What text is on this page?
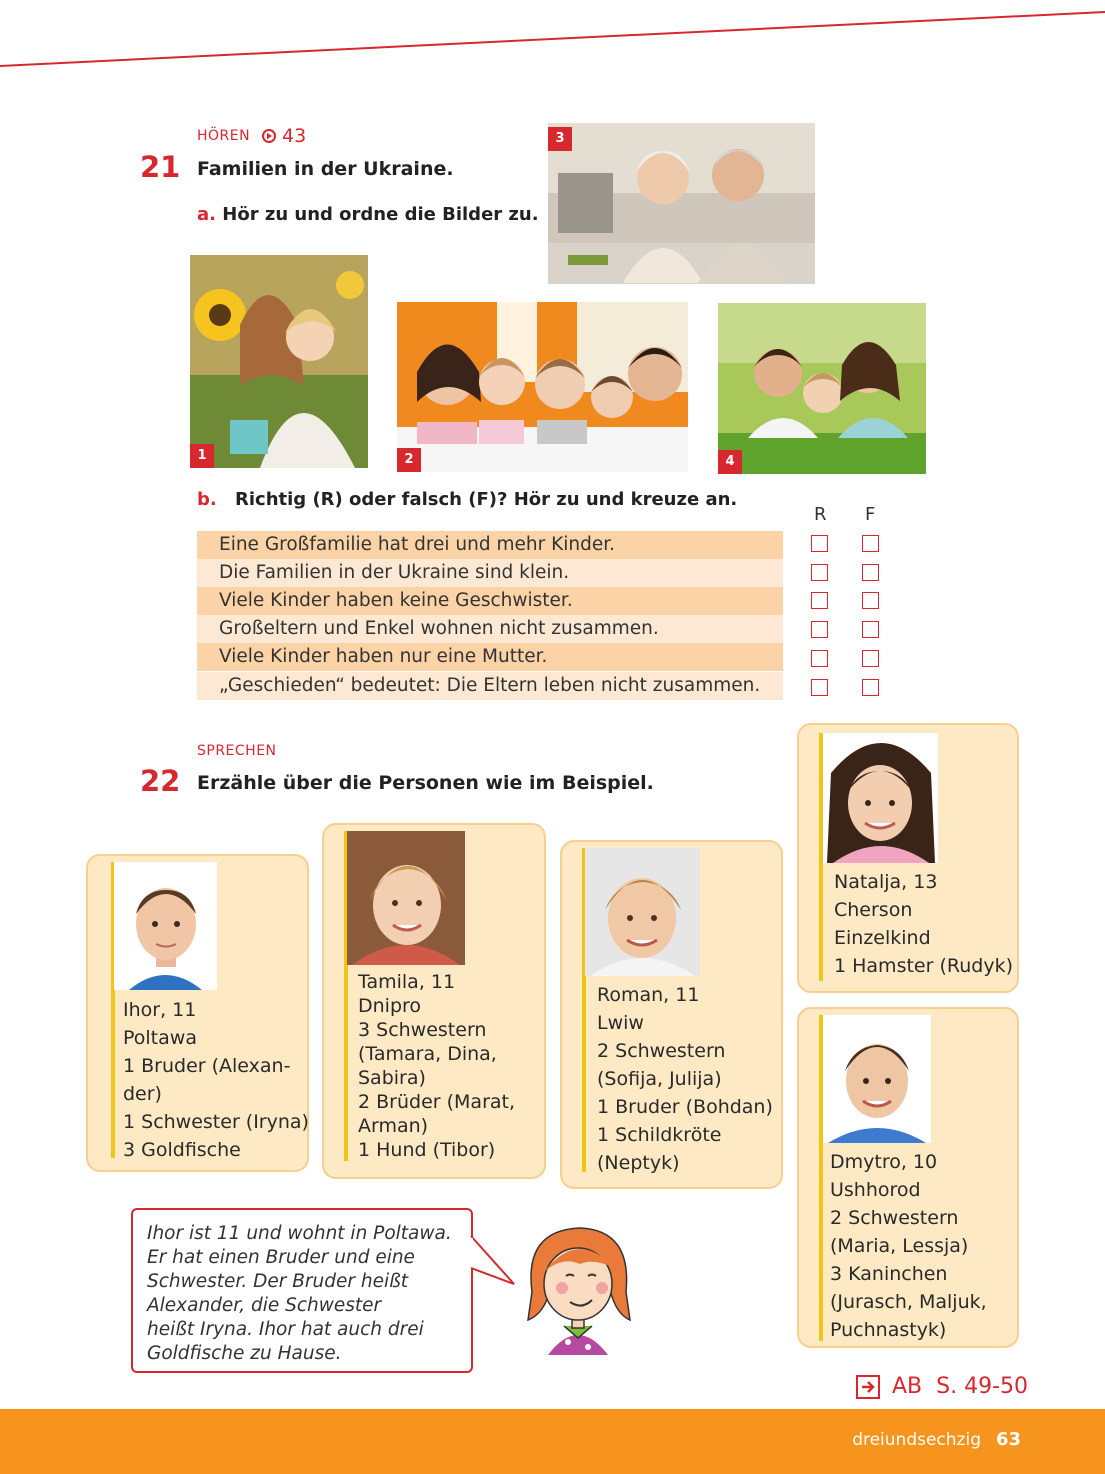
HÖREN 43
21 Familien in der Ukraine.
a. Hör zu und ordne die Bilder zu.
3
1	2	4
b. Richtig (R) oder falsch (F)? Hör zu und kreuze an.
R F
Eine Großfamilie hat drei und mehr Kinder.
Die Familien in der Ukraine sind klein.
Viele Kinder haben keine Geschwister.
Großeltern und Enkel wohnen nicht zusammen.
Viele Kinder haben nur eine Mutter.
„Geschieden“ bedeutet: Die Eltern leben nicht zusammen.
SPRECHEN
22 Erzähle über die Personen wie im Beispiel.
Ihor, 11
Poltawa
1 Bruder (Alexan-
der)
1 Schwester (Iryna)
3 Goldfische
Tamila, 11
Dnipro
3 Schwestern
(Tamara, Dina,
Sabira)
2 Brüder (Marat,
Arman)
1 Hund (Tibor)
Roman, 11
Lwiw
2 Schwestern
(Sofija, Julija)
1 Bruder (Bohdan)
1 Schildkröte
(Neptyk)
Natalja, 13
Cherson
Einzelkind
1 Hamster (Rudyk)
Dmytro, 10
Ushhorod
2 Schwestern
(Maria, Lessja)
3 Kaninchen
(Jurasch, Maljuk,
Puchnastyk)
Ihor ist 11 und wohnt in Poltawa.
Er hat einen Bruder und eine
Schwester. Der Bruder heißt
Alexander, die Schwester
heißt Iryna. Ihor hat auch drei
Goldfische zu Hause.
AB  S. 49-50
dreiundsechzig 63
